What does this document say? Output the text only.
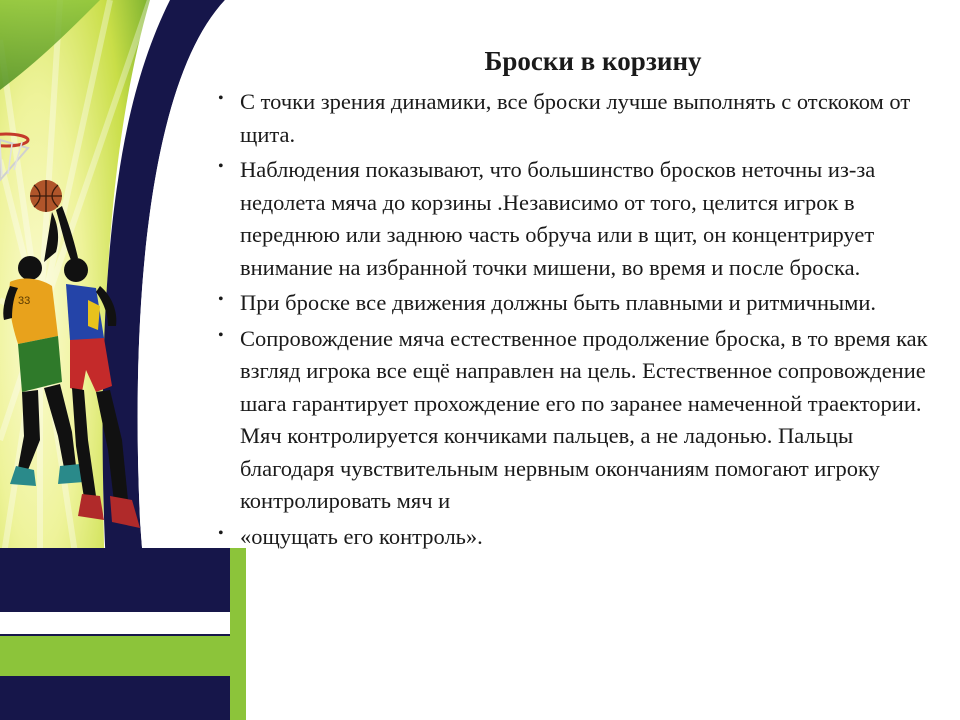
33
Броски в корзину
• С точки зрения динамики, все броски лучше выполнять с отскоком от щита.
• Наблюдения показывают, что большинство бросков неточны из-за недолета мяча до корзины .Независимо от того, целится игрок в переднюю или заднюю часть обруча или в щит, он концентрирует внимание на избранной точки мишени, во время и после броска.
• При броске все движения должны быть плавными и ритмичными.
• Сопровождение мяча естественное продолжение броска, в то время как взгляд игрока все ещё направлен на цель. Естественное сопровождение шага гарантирует прохождение его по заранее намеченной траектории. Мяч контролируется кончиками пальцев, а не ладонью. Пальцы благодаря чувствительным нервным окончаниям помогают игроку контролировать мяч и
• «ощущать его контроль».
